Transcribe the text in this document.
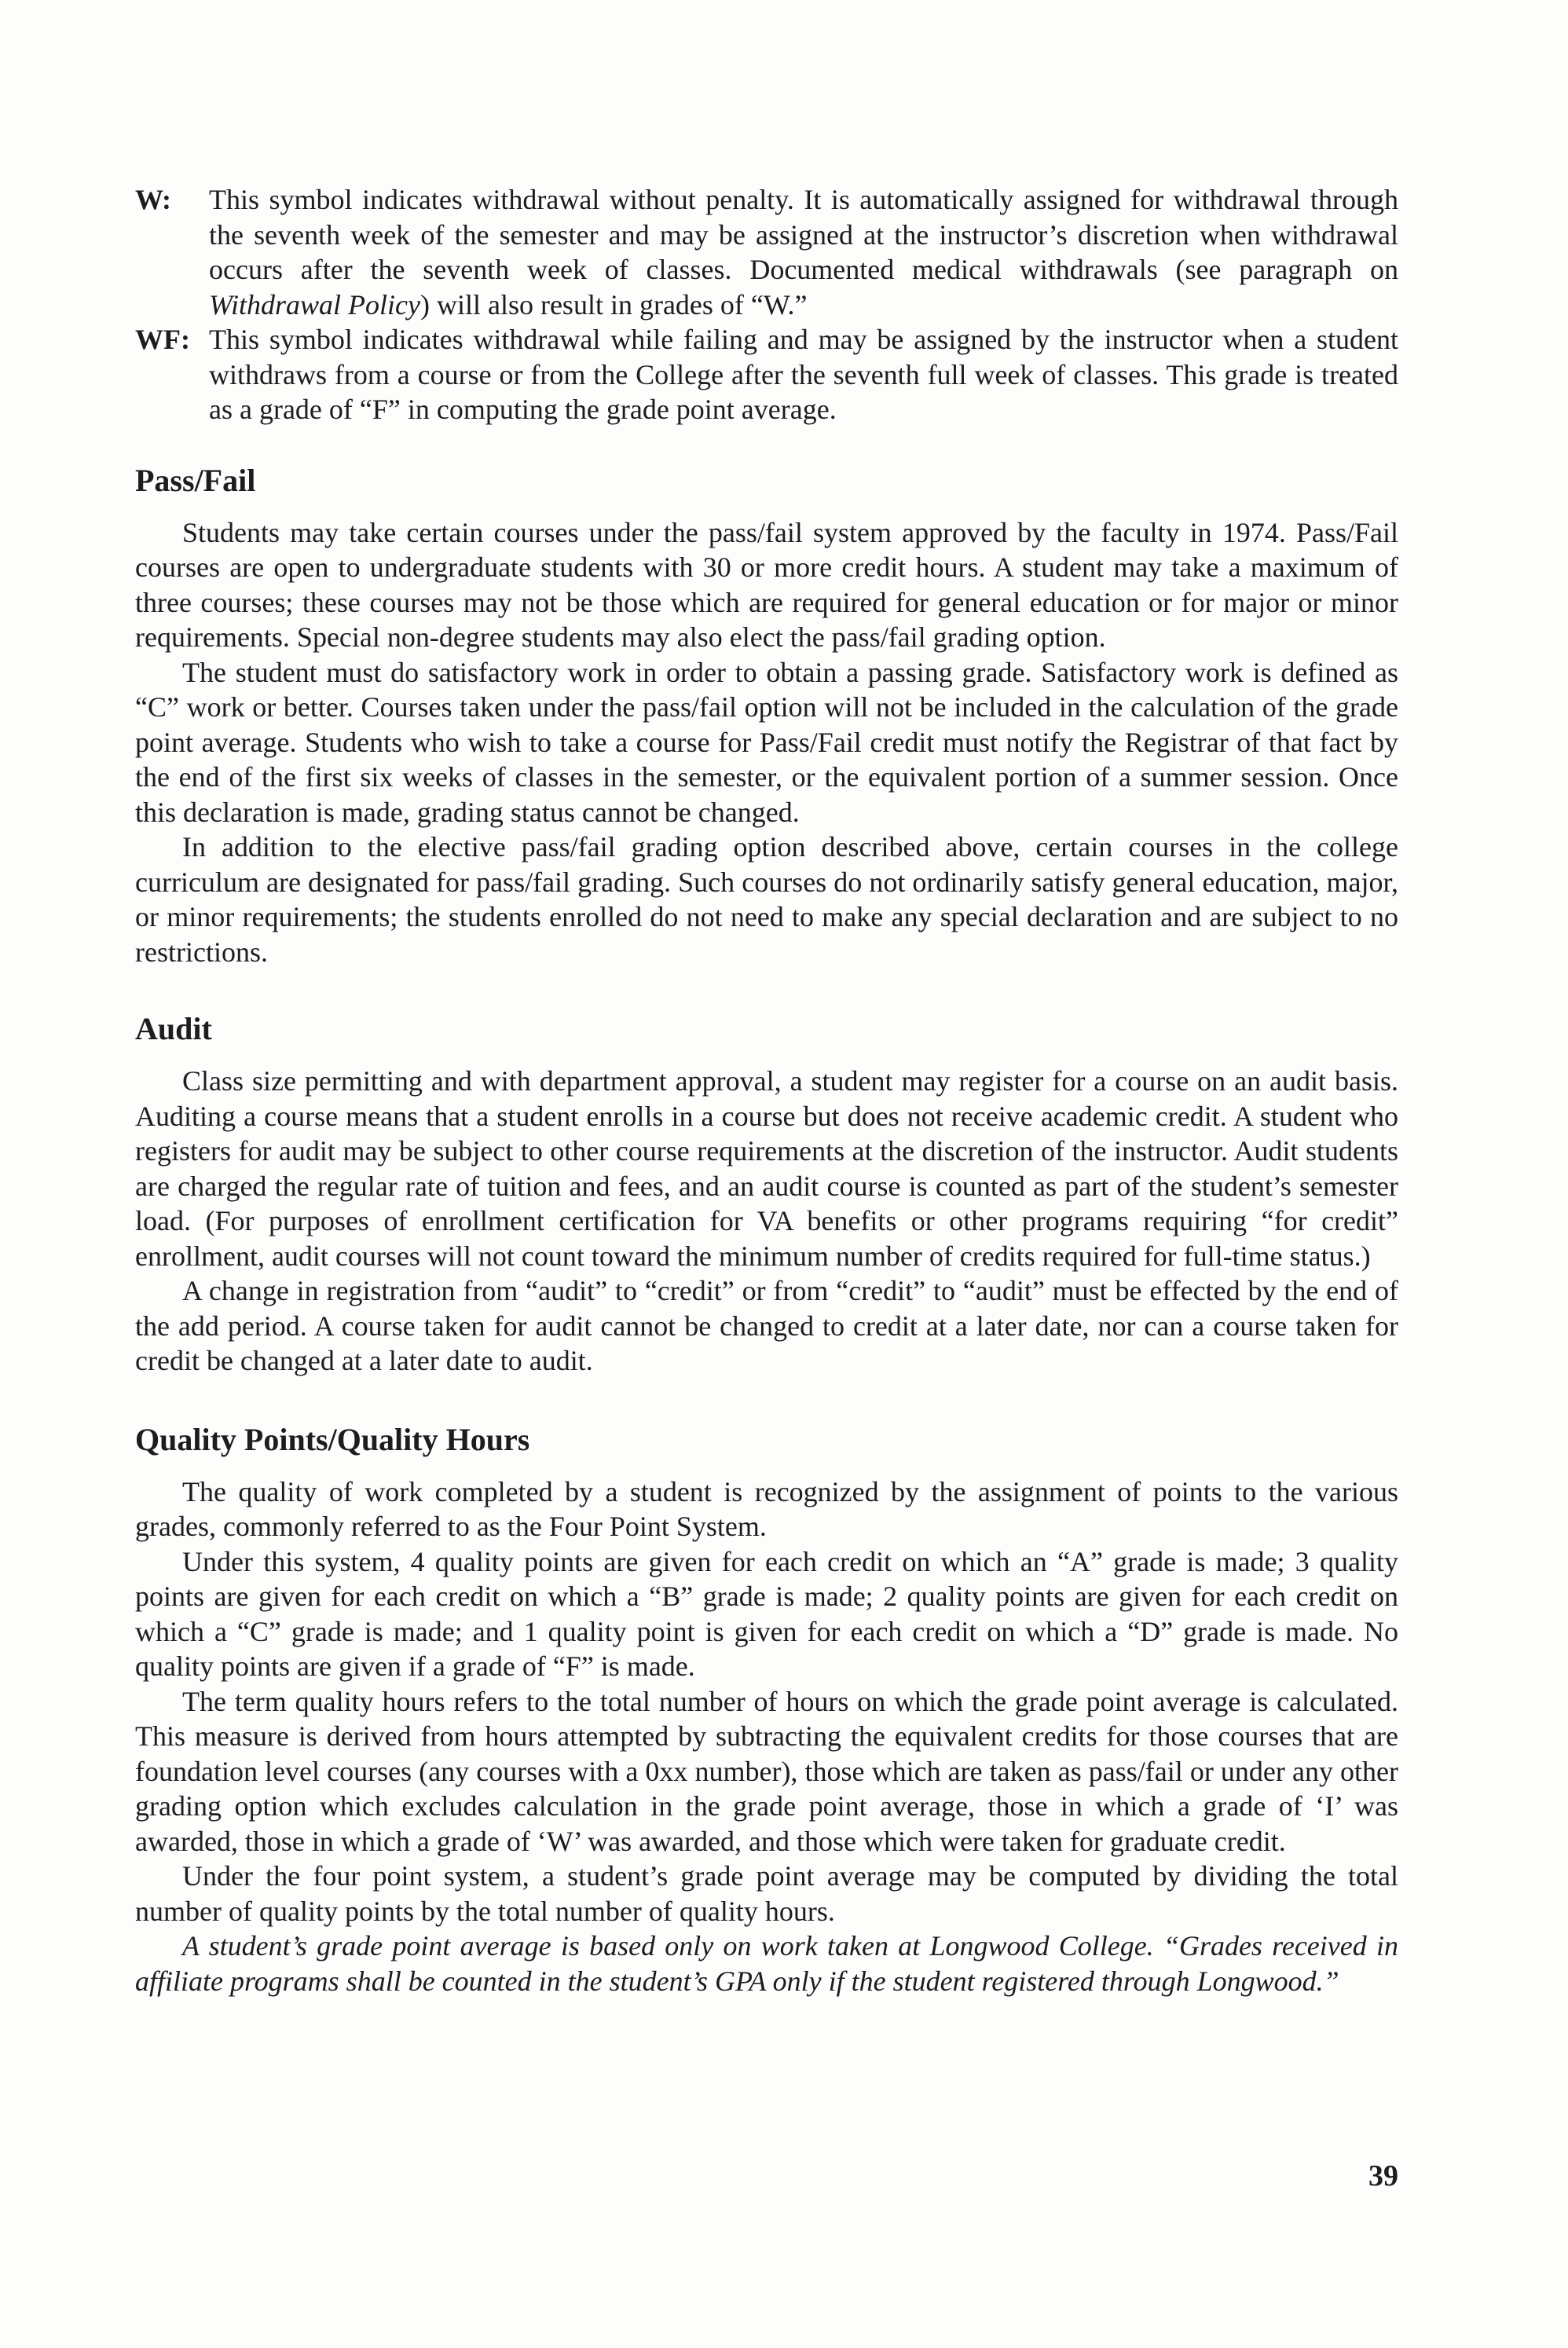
W:	This symbol indicates withdrawal without penalty. It is automatically assigned for withdrawal through the seventh week of the semester and may be assigned at the instructor’s discretion when withdrawal occurs after the seventh week of classes. Documented medical withdrawals (see paragraph on Withdrawal Policy) will also result in grades of “W.”

WF: This symbol indicates withdrawal while failing and may be assigned by the instructor when a student withdraws from a course or from the College after the seventh full week of classes. This grade is treated as a grade of “F” in computing the grade point average.

Pass/Fail

Students may take certain courses under the pass/fail system approved by the faculty in 1974. Pass/Fail courses are open to undergraduate students with 30 or more credit hours. A student may take a maximum of three courses; these courses may not be those which are required for general education or for major or minor requirements. Special non-degree students may also elect the pass/fail grading option.

The student must do satisfactory work in order to obtain a passing grade. Satisfactory work is defined as “C” work or better. Courses taken under the pass/fail option will not be included in the calculation of the grade point average. Students who wish to take a course for Pass/Fail credit must notify the Registrar of that fact by the end of the first six weeks of classes in the semester, or the equivalent portion of a summer session. Once this declaration is made, grading status cannot be changed.

In addition to the elective pass/fail grading option described above, certain courses in the college curriculum are designated for pass/fail grading. Such courses do not ordinarily satisfy general education, major, or minor requirements; the students enrolled do not need to make any special declaration and are subject to no restrictions.

Audit

Class size permitting and with department approval, a student may register for a course on an audit basis. Auditing a course means that a student enrolls in a course but does not receive academic credit. A student who registers for audit may be subject to other course requirements at the discretion of the instructor. Audit students are charged the regular rate of tuition and fees, and an audit course is counted as part of the student’s semester load. (For purposes of enrollment certification for VA benefits or other programs requiring “for credit” enrollment, audit courses will not count toward the minimum number of credits required for full-time status.)

A change in registration from “audit” to “credit” or from “credit” to “audit” must be effected by the end of the add period. A course taken for audit cannot be changed to credit at a later date, nor can a course taken for credit be changed at a later date to audit.

Quality Points/Quality Hours

The quality of work completed by a student is recognized by the assignment of points to the various grades, commonly referred to as the Four Point System.

Under this system, 4 quality points are given for each credit on which an “A” grade is made; 3 quality points are given for each credit on which a “B” grade is made; 2 quality points are given for each credit on which a “C” grade is made; and 1 quality point is given for each credit on which a “D” grade is made. No quality points are given if a grade of “F” is made.

The term quality hours refers to the total number of hours on which the grade point average is calculated. This measure is derived from hours attempted by subtracting the equivalent credits for those courses that are foundation level courses (any courses with a 0xx number), those which are taken as pass/fail or under any other grading option which excludes calculation in the grade point average, those in which a grade of ‘I’ was awarded, those in which a grade of ‘W’ was awarded, and those which were taken for graduate credit.

Under the four point system, a student’s grade point average may be computed by dividing the total number of quality points by the total number of quality hours.

A student’s grade point average is based only on work taken at Longwood College. “Grades received in affiliate programs shall be counted in the student’s GPA only if the student registered through Longwood.”

39
